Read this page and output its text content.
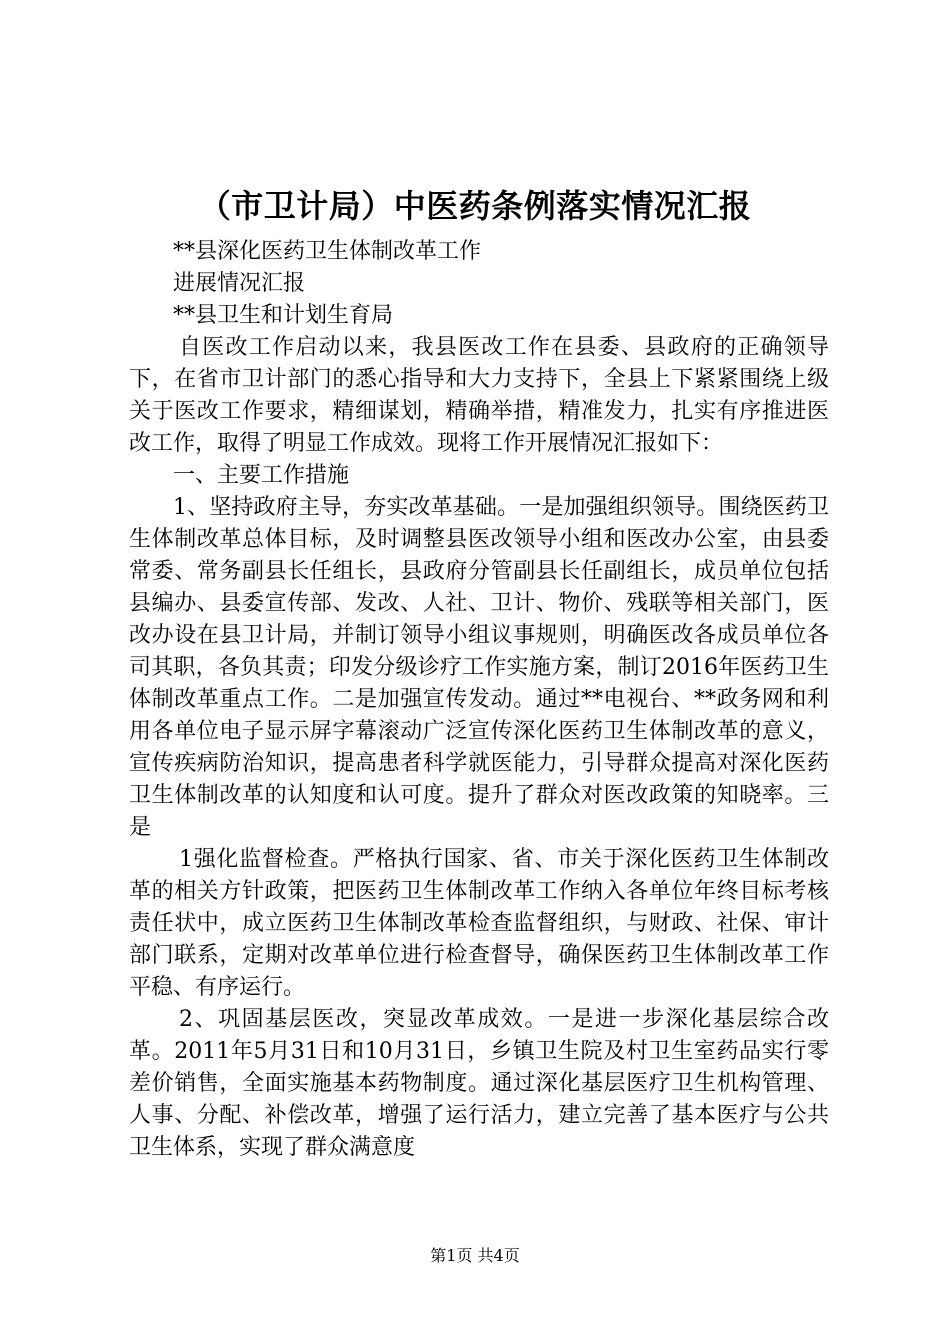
（市卫计局）中医药条例落实情况汇报

**县深化医药卫生体制改革工作

进展情况汇报

**县卫生和计划生育局

自医改工作启动以来，我县医改工作在县委、县政府的正确领导下，在省市卫计部门的悉心指导和大力支持下，全县上下紧紧围绕上级关于医改工作要求，精细谋划，精确举措，精准发力，扎实有序推进医改工作，取得了明显工作成效。现将工作开展情况汇报如下：

一、主要工作措施

1、坚持政府主导，夯实改革基础。一是加强组织领导。围绕医药卫生体制改革总体目标，及时调整县医改领导小组和医改办公室，由县委常委、常务副县长任组长，县政府分管副县长任副组长，成员单位包括县编办、县委宣传部、发改、人社、卫计、物价、残联等相关部门，医改办设在县卫计局，并制订领导小组议事规则，明确医改各成员单位各司其职，各负其责；印发分级诊疗工作实施方案，制订2016年医药卫生体制改革重点工作。二是加强宣传发动。通过**电视台、**政务网和利用各单位电子显示屏字幕滚动广泛宣传深化医药卫生体制改革的意义，宣传疾病防治知识，提高患者科学就医能力，引导群众提高对深化医药卫生体制改革的认知度和认可度。提升了群众对医改政策的知晓率。三是

1强化监督检查。严格执行国家、省、市关于深化医药卫生体制改革的相关方针政策，把医药卫生体制改革工作纳入各单位年终目标考核责任状中，成立医药卫生体制改革检查监督组织，与财政、社保、审计部门联系，定期对改革单位进行检查督导，确保医药卫生体制改革工作平稳、有序运行。

2、巩固基层医改，突显改革成效。一是进一步深化基层综合改革。2011年5月31日和10月31日，乡镇卫生院及村卫生室药品实行零差价销售，全面实施基本药物制度。通过深化基层医疗卫生机构管理、人事、分配、补偿改革，增强了运行活力，建立完善了基本医疗与公共卫生体系，实现了群众满意度

第1页 共4页
